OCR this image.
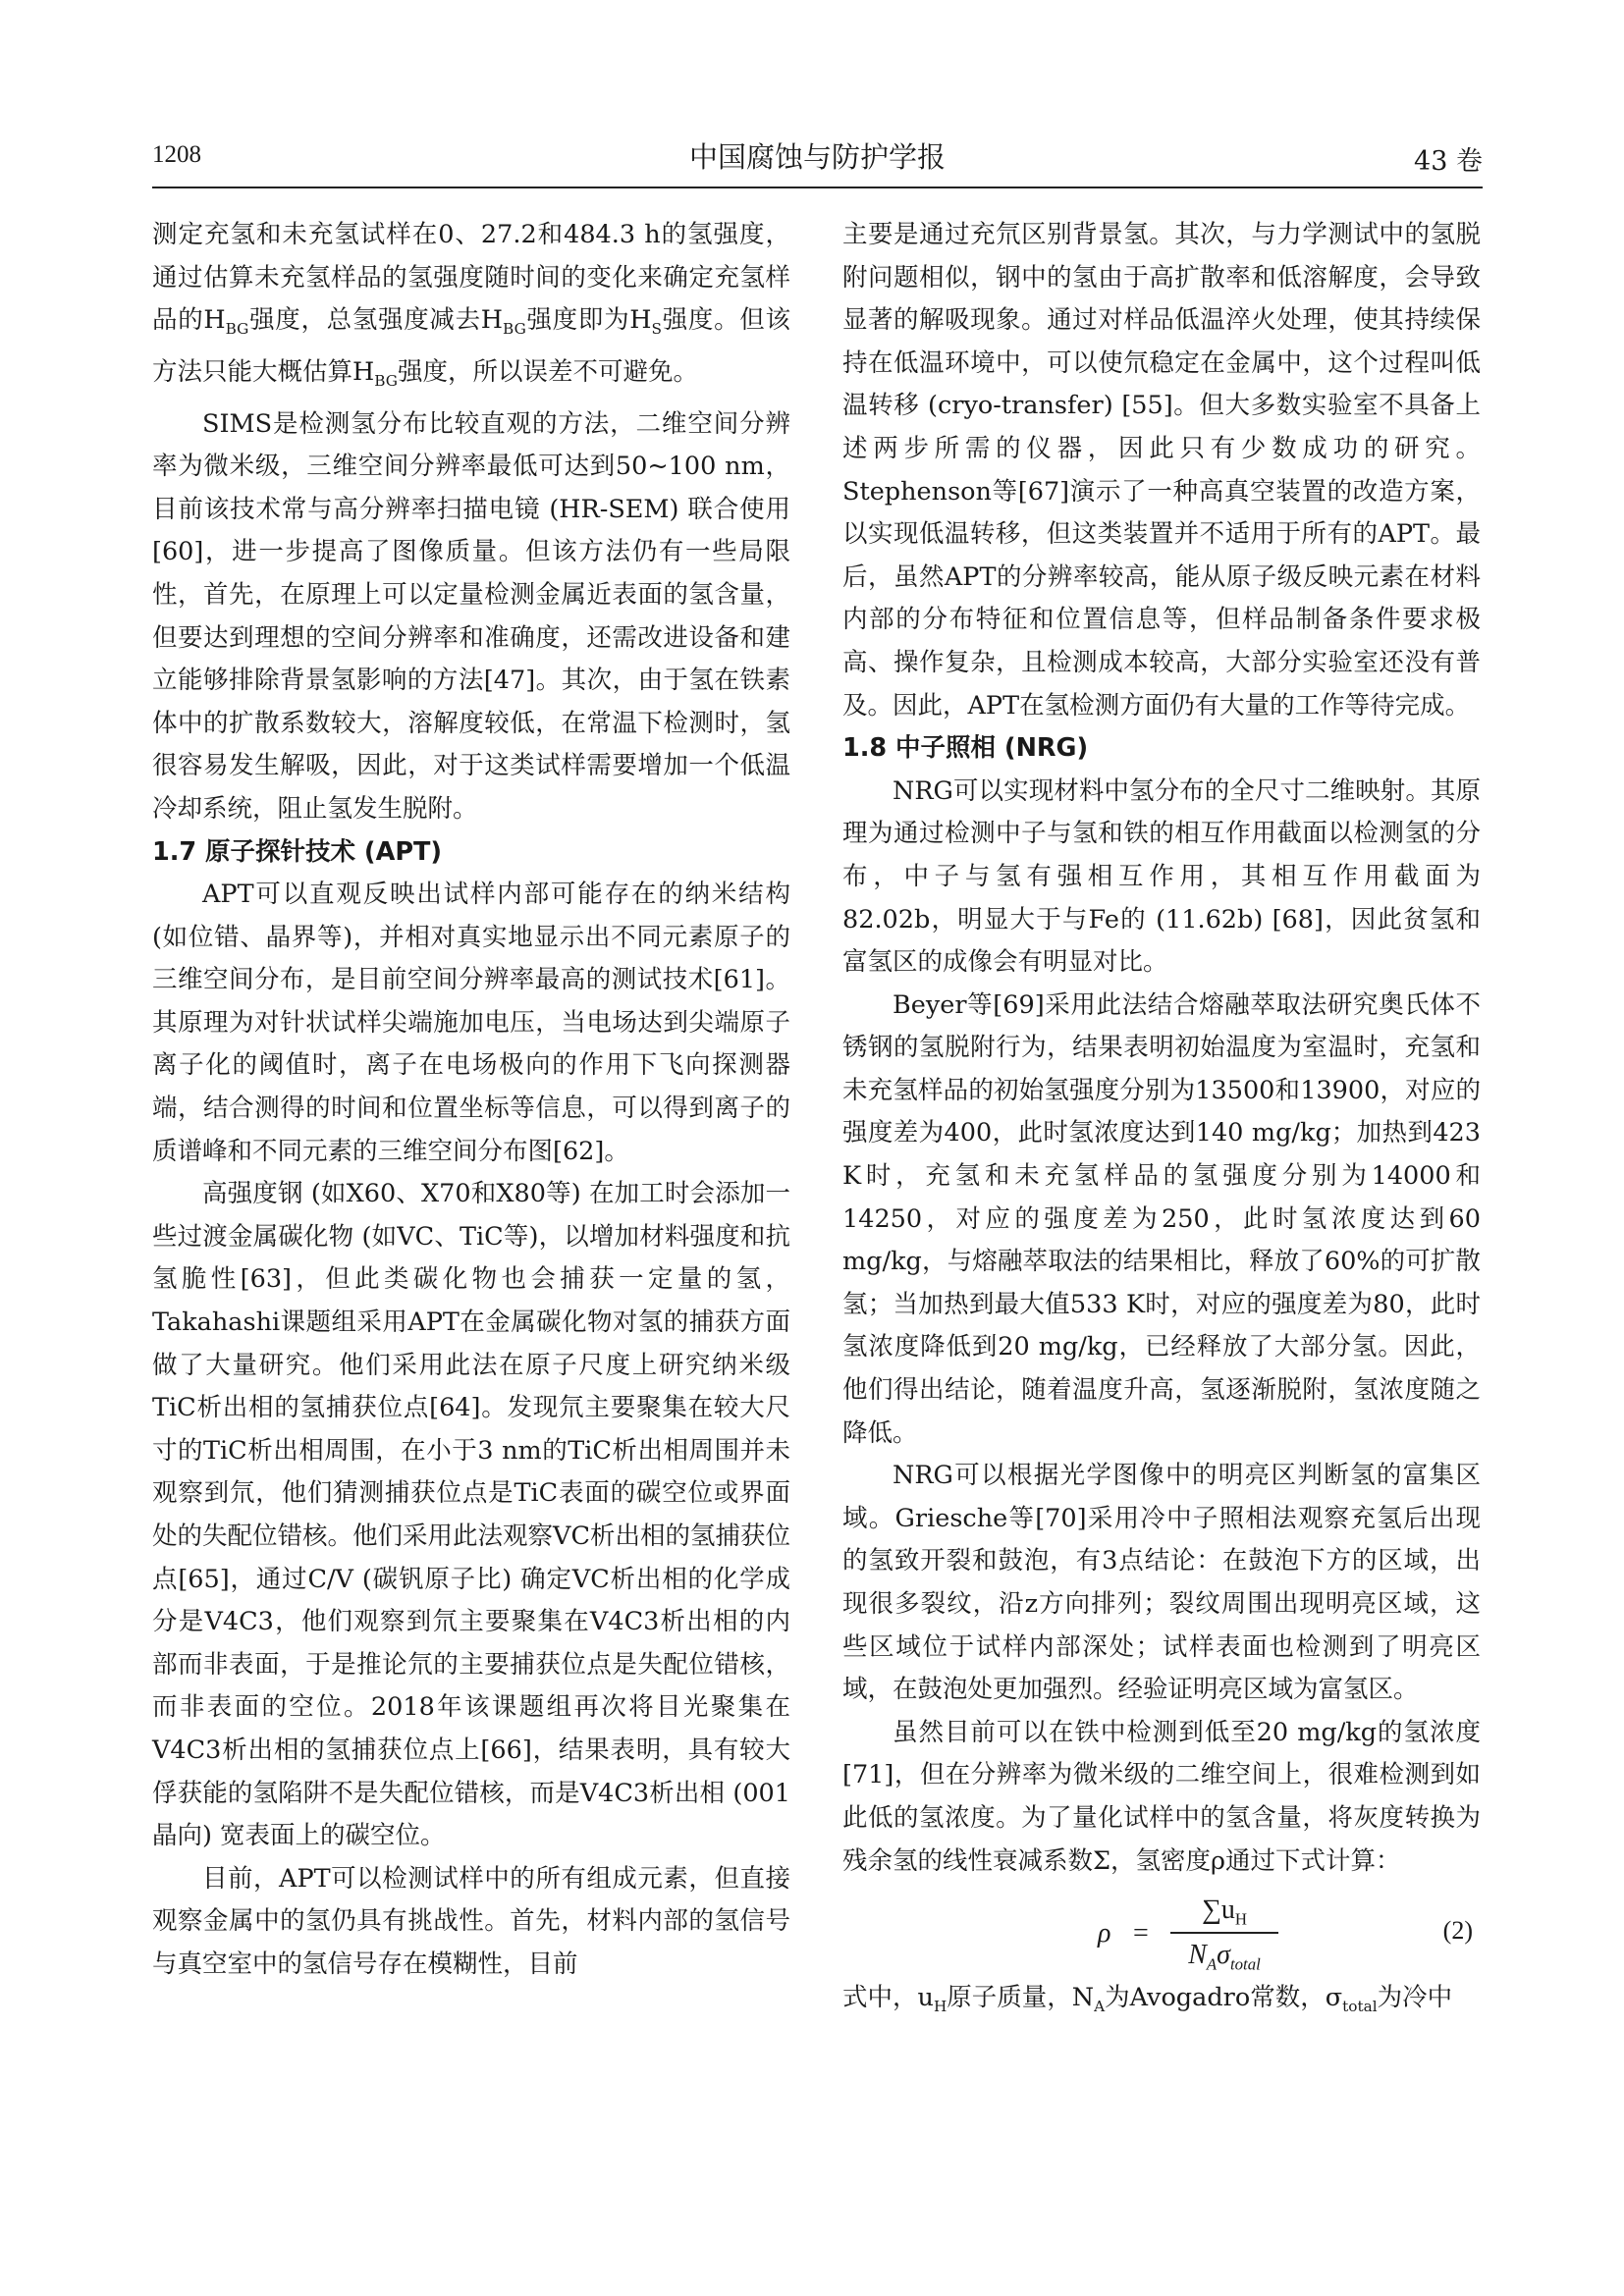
1208	中国腐蚀与防护学报	43 卷

测定充氢和未充氢试样在0、27.2和484.3 h的氢强度，通过估算未充氢样品的氢强度随时间的变化来确定充氢样品的$H_{BG}$强度，总氢强度减去$H_{BG}$强度即为$H_S$强度。但该方法只能大概估算$H_{BG}$强度，所以误差不可避免。

SIMS是检测氢分布比较直观的方法，二维空间分辨率为微米级，三维空间分辨率最低可达到50~100 nm，目前该技术常与高分辨率扫描电镜 (HR-SEM) 联合使用[60]，进一步提高了图像质量。但该方法仍有一些局限性，首先，在原理上可以定量检测金属近表面的氢含量，但要达到理想的空间分辨率和准确度，还需改进设备和建立能够排除背景氢影响的方法[47]。其次，由于氢在铁素体中的扩散系数较大，溶解度较低，在常温下检测时，氢很容易发生解吸，因此，对于这类试样需要增加一个低温冷却系统，阻止氢发生脱附。

1.7 原子探针技术 (APT)

APT可以直观反映出试样内部可能存在的纳米结构 (如位错、晶界等)，并相对真实地显示出不同元素原子的三维空间分布，是目前空间分辨率最高的测试技术[61]。其原理为对针状试样尖端施加电压，当电场达到尖端原子离子化的阈值时，离子在电场极向的作用下飞向探测器端，结合测得的时间和位置坐标等信息，可以得到离子的质谱峰和不同元素的三维空间分布图[62]。

高强度钢 (如X60、X70和X80等) 在加工时会添加一些过渡金属碳化物 (如VC、TiC等)，以增加材料强度和抗氢脆性[63]，但此类碳化物也会捕获一定量的氢，Takahashi课题组采用APT在金属碳化物对氢的捕获方面做了大量研究。他们采用此法在原子尺度上研究纳米级TiC析出相的氢捕获位点[64]。发现氘主要聚集在较大尺寸的TiC析出相周围，在小于3 nm的TiC析出相周围并未观察到氘，他们猜测捕获位点是TiC表面的碳空位或界面处的失配位错核。他们采用此法观察VC析出相的氢捕获位点[65]，通过C/V (碳钒原子比) 确定VC析出相的化学成分是V4C3，他们观察到氘主要聚集在V4C3析出相的内部而非表面，于是推论氘的主要捕获位点是失配位错核，而非表面的空位。2018年该课题组再次将目光聚集在V4C3析出相的氢捕获位点上[66]，结果表明，具有较大俘获能的氢陷阱不是失配位错核，而是V4C3析出相 (001晶向) 宽表面上的碳空位。

目前，APT可以检测试样中的所有组成元素，但直接观察金属中的氢仍具有挑战性。首先，材料内部的氢信号与真空室中的氢信号存在模糊性，目前

主要是通过充氘区别背景氢。其次，与力学测试中的氢脱附问题相似，钢中的氢由于高扩散率和低溶解度，会导致显著的解吸现象。通过对样品低温淬火处理，使其持续保持在低温环境中，可以使氘稳定在金属中，这个过程叫低温转移 (cryo-transfer) [55]。但大多数实验室不具备上述两步所需的仪器，因此只有少数成功的研究。Stephenson等[67]演示了一种高真空装置的改造方案，以实现低温转移，但这类装置并不适用于所有的APT。最后，虽然APT的分辨率较高，能从原子级反映元素在材料内部的分布特征和位置信息等，但样品制备条件要求极高、操作复杂，且检测成本较高，大部分实验室还没有普及。因此，APT在氢检测方面仍有大量的工作等待完成。

1.8 中子照相 (NRG)

NRG可以实现材料中氢分布的全尺寸二维映射。其原理为通过检测中子与氢和铁的相互作用截面以检测氢的分布，中子与氢有强相互作用，其相互作用截面为82.02b，明显大于与Fe的 (11.62b) [68]，因此贫氢和富氢区的成像会有明显对比。

Beyer等[69]采用此法结合熔融萃取法研究奥氏体不锈钢的氢脱附行为，结果表明初始温度为室温时，充氢和未充氢样品的初始氢强度分别为13500和13900，对应的强度差为400，此时氢浓度达到140 mg/kg；加热到423 K时，充氢和未充氢样品的氢强度分别为14000和14250，对应的强度差为250，此时氢浓度达到60 mg/kg，与熔融萃取法的结果相比，释放了60%的可扩散氢；当加热到最大值533 K时，对应的强度差为80，此时氢浓度降低到20 mg/kg，已经释放了大部分氢。因此，他们得出结论，随着温度升高，氢逐渐脱附，氢浓度随之降低。

NRG可以根据光学图像中的明亮区判断氢的富集区域。Griesche等[70]采用冷中子照相法观察充氢后出现的氢致开裂和鼓泡，有3点结论：在鼓泡下方的区域，出现很多裂纹，沿z方向排列；裂纹周围出现明亮区域，这些区域位于试样内部深处；试样表面也检测到了明亮区域，在鼓泡处更加强烈。经验证明亮区域为富氢区。

虽然目前可以在铁中检测到低至20 mg/kg的氢浓度[71]，但在分辨率为微米级的二维空间上，很难检测到如此低的氢浓度。为了量化试样中的氢含量，将灰度转换为残余氢的线性衰减系数Σ，氢密度ρ通过下式计算：

ρ =
$\sum u_H$
$N_A\sigma_{total}$
(2)

式中，$u_H$原子质量，$N_A$为Avogadro常数，$\sigma_{total}$为冷中
